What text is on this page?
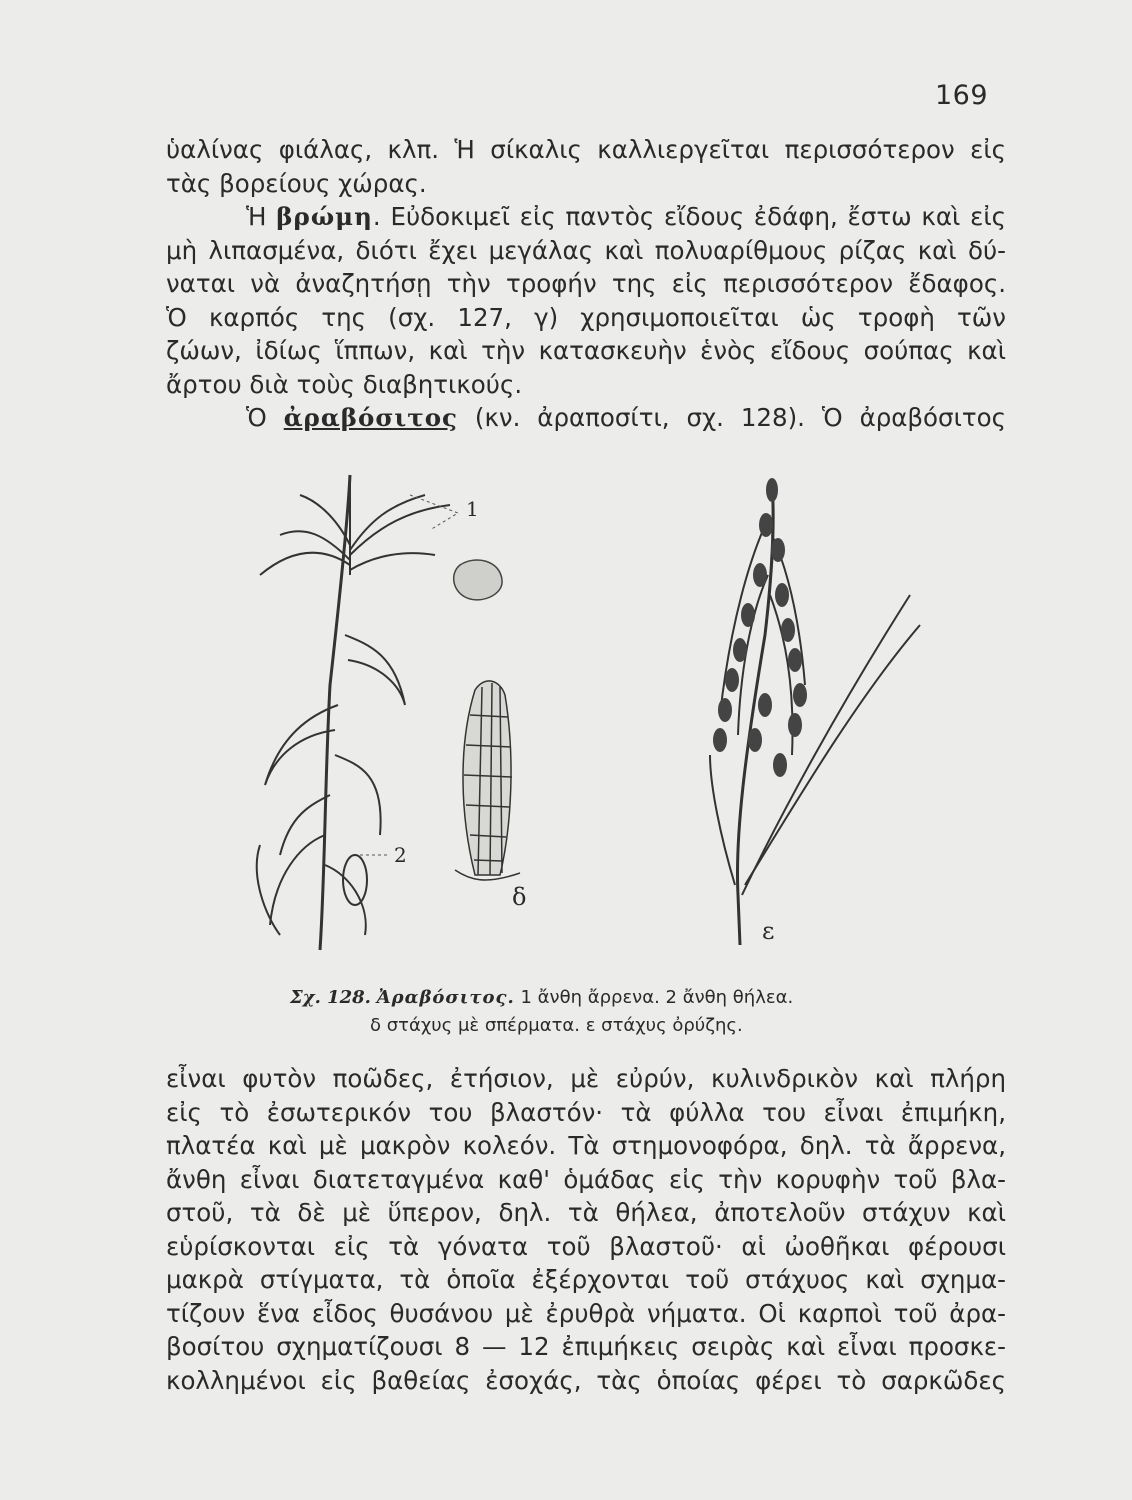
169
ὑαλίνας φιάλας, κλπ. Ἡ σίκαλις καλλιεργεῖται περισσότερον εἰς
τὰς βορείους χώρας.
Ἡ βρώμη. Εὐδοκιμεῖ εἰς παντὸς εἴδους ἐδάφη, ἔστω καὶ εἰς
μὴ λιπασμένα, διότι ἔχει μεγάλας καὶ πολυαρίθμους ρίζας καὶ δύ-
ναται νὰ ἀναζητήσῃ τὴν τροφήν της εἰς περισσότερον ἔδαφος.
Ὁ καρπός της (σχ. 127, γ) χρησιμοποιεῖται ὡς τροφὴ τῶν
ζώων, ἰδίως ἵππων, καὶ τὴν κατασκευὴν ἑνὸς εἴδους σούπας καὶ
ἄρτου διὰ τοὺς διαβητικούς.
Ὁ ἀραβόσιτος (κν. ἀραποσίτι, σχ. 128). Ὁ ἀραβόσιτος
1
2
δ
ε
Σχ. 128. Ἀραβόσιτος. 1 ἄνθη ἄρρενα. 2 ἄνθη θήλεα.
δ στάχυς μὲ σπέρματα. ε στάχυς ὀρύζης.
εἶναι φυτὸν ποῶδες, ἐτήσιον, μὲ εὐρύν, κυλινδρικὸν καὶ πλήρη
εἰς τὸ ἐσωτερικόν του βλαστόν· τὰ φύλλα του εἶναι ἐπιμήκη,
πλατέα καὶ μὲ μακρὸν κολεόν. Τὰ στημονοφόρα, δηλ. τὰ ἄρρενα,
ἄνθη εἶναι διατεταγμένα καθ' ὁμάδας εἰς τὴν κορυφὴν τοῦ βλα-
στοῦ, τὰ δὲ μὲ ὕπερον, δηλ. τὰ θήλεα, ἀποτελοῦν στάχυν καὶ
εὑρίσκονται εἰς τὰ γόνατα τοῦ βλαστοῦ· αἱ ὠοθῆκαι φέρουσι
μακρὰ στίγματα, τὰ ὁποῖα ἐξέρχονται τοῦ στάχυος καὶ σχημα-
τίζουν ἕνα εἶδος θυσάνου μὲ ἐρυθρὰ νήματα. Οἱ καρποὶ τοῦ ἀρα-
βοσίτου σχηματίζουσι 8 — 12 ἐπιμήκεις σειρὰς καὶ εἶναι προσκε-
κολλημένοι εἰς βαθείας ἐσοχάς, τὰς ὁποίας φέρει τὸ σαρκῶδες
